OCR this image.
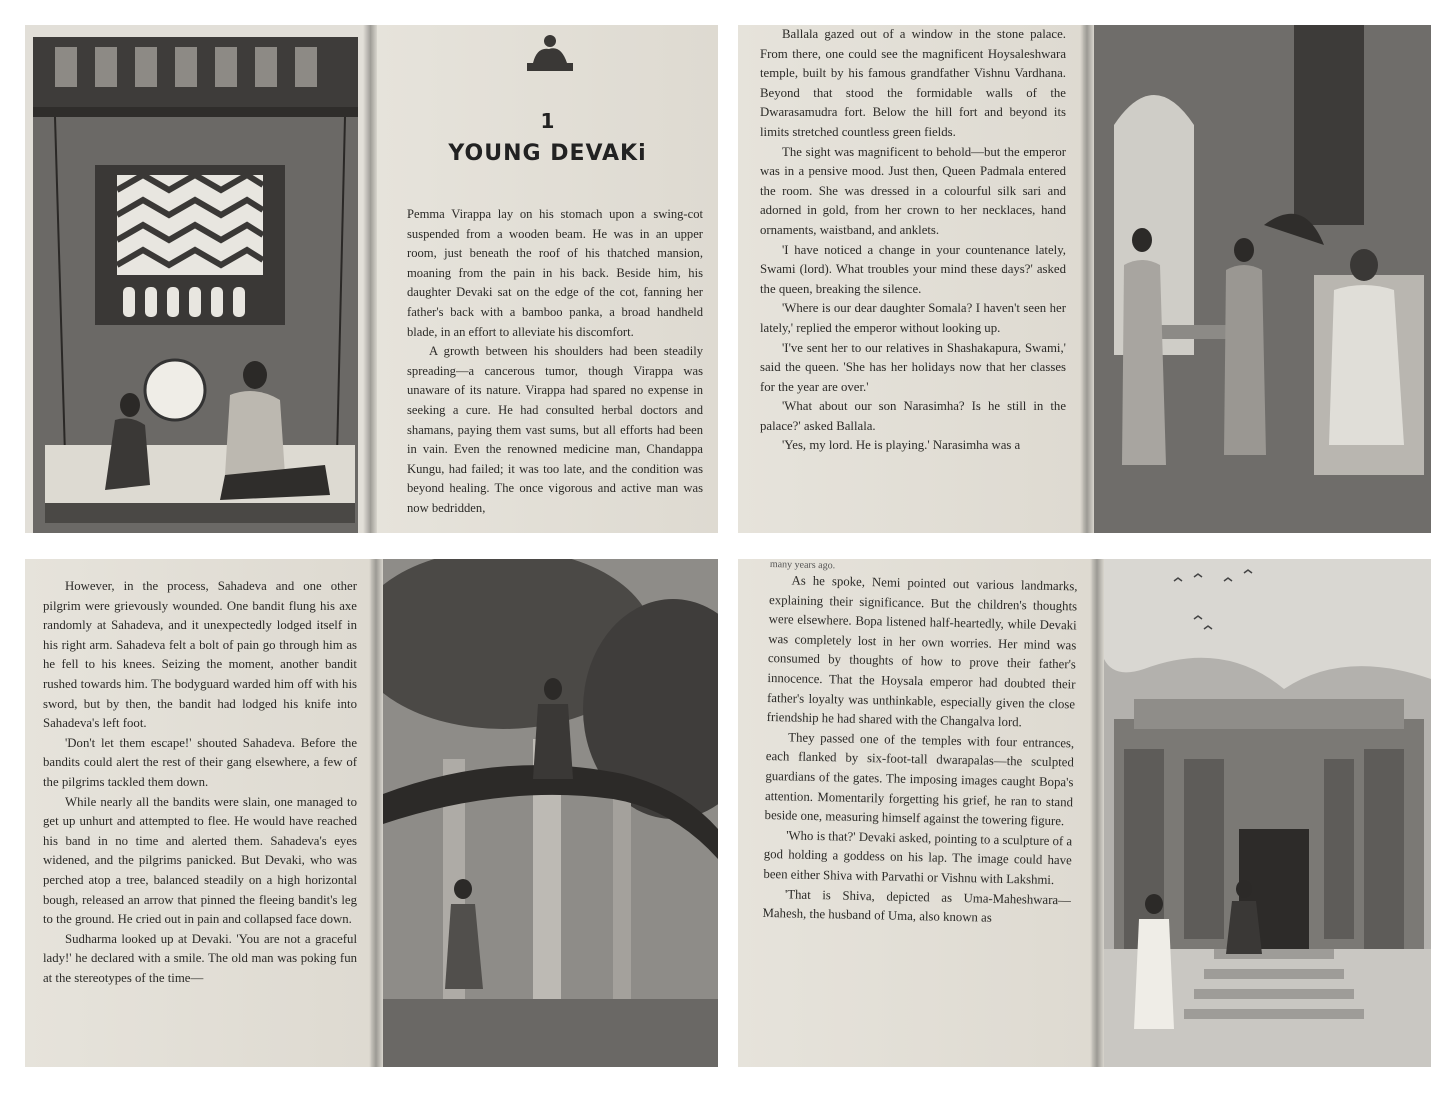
1

YOUNG DEVAKi

Pemma Virappa lay on his stomach upon a swing-cot suspended from a wooden beam. He was in an upper room, just beneath the roof of his thatched mansion, moaning from the pain in his back. Beside him, his daughter Devaki sat on the edge of the cot, fanning her father's back with a bamboo panka, a broad handheld blade, in an effort to alleviate his discomfort.

A growth between his shoulders had been steadily spreading—a cancerous tumor, though Virappa was unaware of its nature. Virappa had spared no expense in seeking a cure. He had consulted herbal doctors and shamans, paying them vast sums, but all efforts had been in vain. Even the renowned medicine man, Chandappa Kungu, had failed; it was too late, and the condition was beyond healing. The once vigorous and active man was now bedridden,

Ballala gazed out of a window in the stone palace. From there, one could see the magnificent Hoysaleshwara temple, built by his famous grandfather Vishnu Vardhana. Beyond that stood the formidable walls of the Dwarasamudra fort. Below the hill fort and beyond its limits stretched countless green fields.

The sight was magnificent to behold—but the emperor was in a pensive mood. Just then, Queen Padmala entered the room. She was dressed in a colourful silk sari and adorned in gold, from her crown to her necklaces, hand ornaments, waistband, and anklets.

'I have noticed a change in your countenance lately, Swami (lord). What troubles your mind these days?' asked the queen, breaking the silence.

'Where is our dear daughter Somala? I haven't seen her lately,' replied the emperor without looking up.

'I've sent her to our relatives in Shashakapura, Swami,' said the queen. 'She has her holidays now that her classes for the year are over.'

'What about our son Narasimha? Is he still in the palace?' asked Ballala.

'Yes, my lord. He is playing.' Narasimha was a

However, in the process, Sahadeva and one other pilgrim were grievously wounded. One bandit flung his axe randomly at Sahadeva, and it unexpectedly lodged itself in his right arm. Sahadeva felt a bolt of pain go through him as he fell to his knees. Seizing the moment, another bandit rushed towards him. The bodyguard warded him off with his sword, but by then, the bandit had lodged his knife into Sahadeva's left foot.

'Don't let them escape!' shouted Sahadeva. Before the bandits could alert the rest of their gang elsewhere, a few of the pilgrims tackled them down.

While nearly all the bandits were slain, one managed to get up unhurt and attempted to flee. He would have reached his band in no time and alerted them. Sahadeva's eyes widened, and the pilgrims panicked. But Devaki, who was perched atop a tree, balanced steadily on a high horizontal bough, released an arrow that pinned the fleeing bandit's leg to the ground. He cried out in pain and collapsed face down.

Sudharma looked up at Devaki. 'You are not a graceful lady!' he declared with a smile. The old man was poking fun at the stereotypes of the time—

many years ago.

As he spoke, Nemi pointed out various landmarks, explaining their significance. But the children's thoughts were elsewhere. Bopa listened half-heartedly, while Devaki was completely lost in her own worries. Her mind was consumed by thoughts of how to prove their father's innocence. That the Hoysala emperor had doubted their father's loyalty was unthinkable, especially given the close friendship he had shared with the Changalva lord.

They passed one of the temples with four entrances, each flanked by six-foot-tall dwarapalas—the sculpted guardians of the gates. The imposing images caught Bopa's attention. Momentarily forgetting his grief, he ran to stand beside one, measuring himself against the towering figure.

'Who is that?' Devaki asked, pointing to a sculpture of a god holding a goddess on his lap. The image could have been either Shiva with Parvathi or Vishnu with Lakshmi.

'That is Shiva, depicted as Uma-Maheshwara—Mahesh, the husband of Uma, also known as
